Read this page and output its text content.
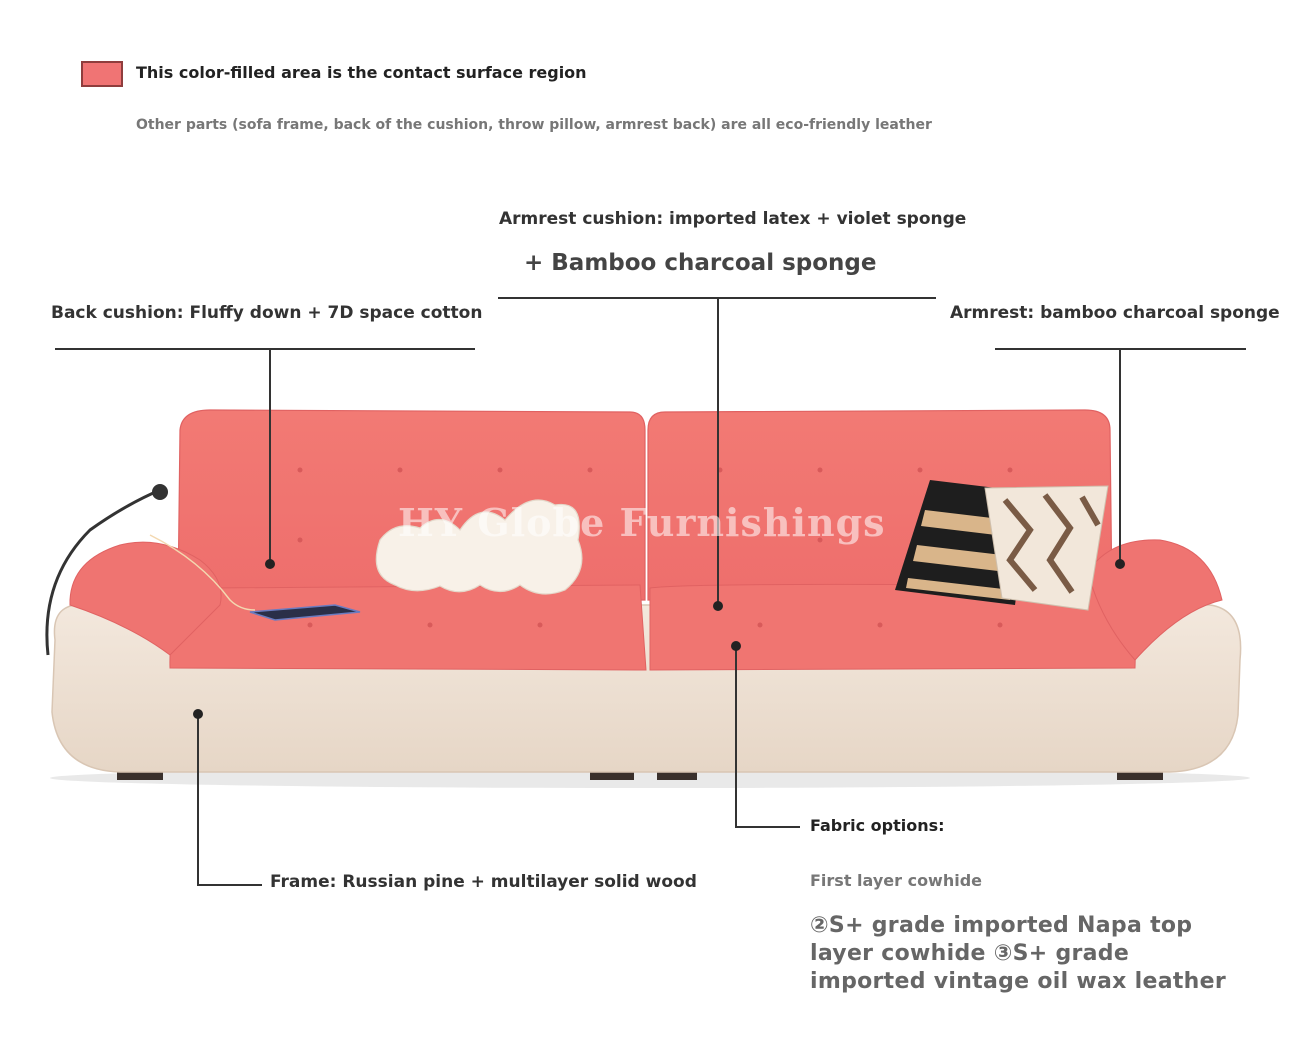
This color-filled area is the contact surface region
Other parts (sofa frame, back of the cushion, throw pillow, armrest back) are all eco-friendly leather
HY Globe Furnishings
Armrest cushion: imported latex + violet sponge
+ Bamboo charcoal sponge
Back cushion: Fluffy down + 7D space cotton	Armrest: bamboo charcoal sponge
Frame: Russian pine + multilayer solid wood
Fabric options:
First layer cowhide
②S+ grade imported Napa top layer cowhide ③S+ grade imported vintage oil wax leather
